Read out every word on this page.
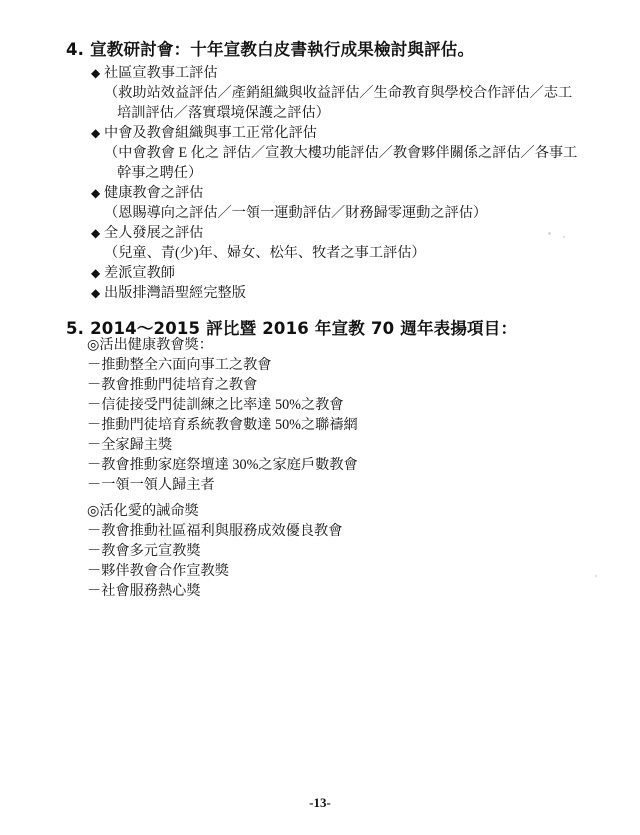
4. 宣教研討會：十年宣教白皮書執行成果檢討與評估。
◆ 社區宣教事工評估
（救助站效益評估／產銷組織與收益評估／生命教育與學校合作評估／志工
培訓評估／落實環境保護之評估）
◆ 中會及教會組織與事工正常化評估
（中會教會 E 化之 評估／宣教大樓功能評估／教會夥伴關係之評估／各事工
幹事之聘任）
◆ 健康教會之評估
（恩賜導向之評估／一領一運動評估／財務歸零運動之評估）
◆ 全人發展之評估
（兒童、青(少)年、婦女、松年、牧者之事工評估）
◆ 差派宣教師
◆ 出版排灣語聖經完整版
5. 2014～2015 評比暨 2016 年宣教 70 週年表揚項目：
◎活出健康教會獎：
－推動整全六面向事工之教會
－教會推動門徒培育之教會
－信徒接受門徒訓練之比率達 50%之教會
－推動門徒培育系統教會數達 50%之聯禱網
－全家歸主獎
－教會推動家庭祭壇達 30%之家庭戶數教會
－一領一領人歸主者
◎活化愛的誡命獎
－教會推動社區福利與服務成效優良教會
－教會多元宣教獎
－夥伴教會合作宣教獎
－社會服務熱心獎
-13-
